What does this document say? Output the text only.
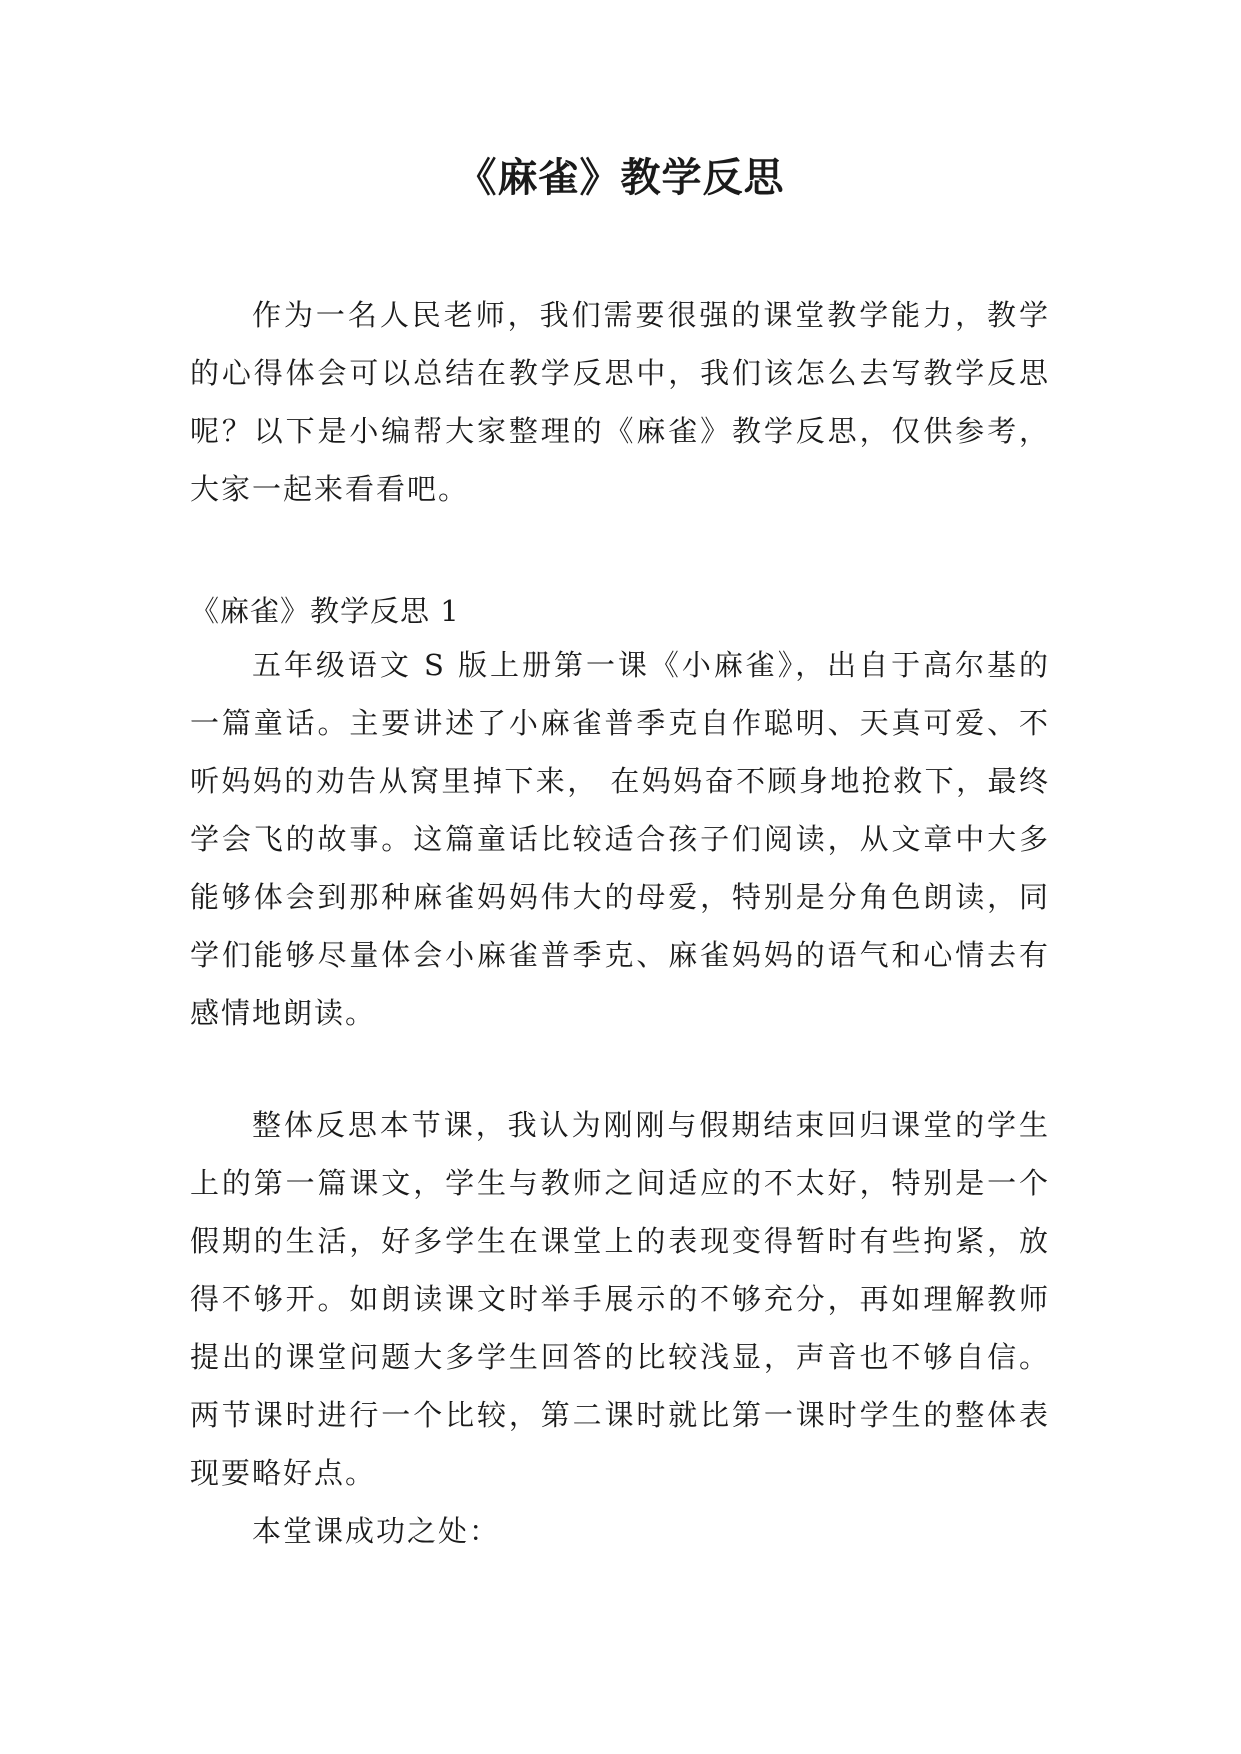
《麻雀》教学反思

作为一名人民老师，我们需要很强的课堂教学能力，教学的心得体会可以总结在教学反思中，我们该怎么去写教学反思呢？以下是小编帮大家整理的《麻雀》教学反思，仅供参考，大家一起来看看吧。

《麻雀》教学反思 1

五年级语文 S 版上册第一课《小麻雀》，出自于高尔基的一篇童话。主要讲述了小麻雀普季克自作聪明、天真可爱、不听妈妈的劝告从窝里掉下来， 在妈妈奋不顾身地抢救下，最终学会飞的故事。这篇童话比较适合孩子们阅读，从文章中大多能够体会到那种麻雀妈妈伟大的母爱，特别是分角色朗读，同学们能够尽量体会小麻雀普季克、麻雀妈妈的语气和心情去有感情地朗读。

整体反思本节课，我认为刚刚与假期结束回归课堂的学生上的第一篇课文，学生与教师之间适应的不太好，特别是一个假期的生活，好多学生在课堂上的表现变得暂时有些拘紧，放得不够开。如朗读课文时举手展示的不够充分，再如理解教师提出的课堂问题大多学生回答的比较浅显，声音也不够自信。两节课时进行一个比较，第二课时就比第一课时学生的整体表现要略好点。

本堂课成功之处：
